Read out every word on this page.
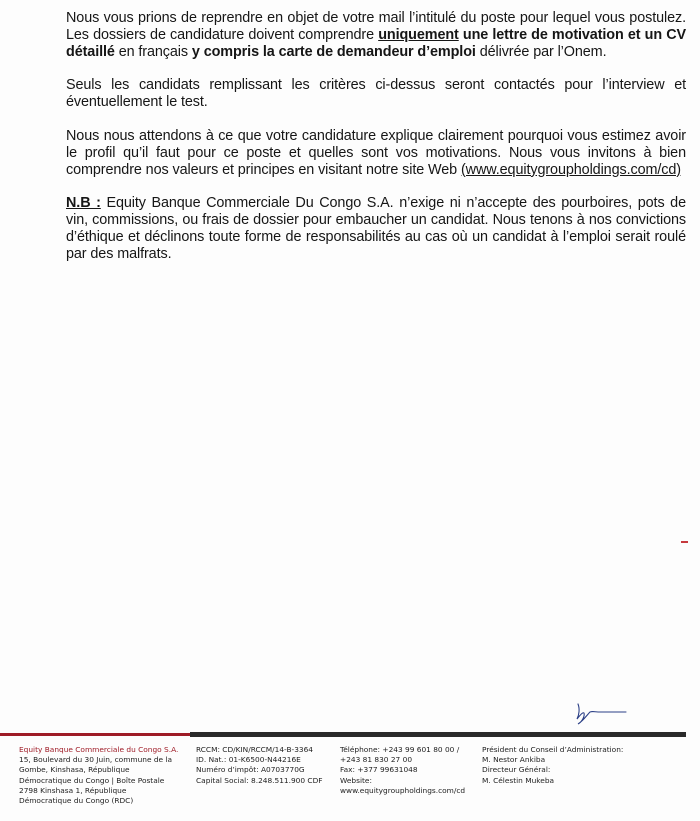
Nous vous prions de reprendre en objet de votre mail l’intitulé du poste pour lequel vous postulez. Les dossiers de candidature doivent comprendre uniquement une lettre de motivation et un CV détaillé en français y compris la carte de demandeur d’emploi délivrée par l’Onem.

Seuls les candidats remplissant les critères ci-dessus seront contactés pour l’interview et éventuellement le test.

Nous nous attendons à ce que votre candidature explique clairement pourquoi vous estimez avoir le profil qu’il faut pour ce poste et quelles sont vos motivations. Nous vous invitons à bien comprendre nos valeurs et principes en visitant notre site Web (www.equitygroupholdings.com/cd)

N.B : Equity Banque Commerciale Du Congo S.A. n’exige ni n’accepte des pourboires, pots de vin, commissions, ou frais de dossier pour embaucher un candidat. Nous tenons à nos convictions d’éthique et déclinons toute forme de responsabilités au cas où un candidat à l’emploi serait roulé par des malfrats.

Equity Banque Commerciale du Congo S.A.
15, Boulevard du 30 Juin, commune de la
Gombe, Kinshasa, République
Démocratique du Congo | Boîte Postale
2798 Kinshasa 1, République
Démocratique du Congo (RDC)
RCCM: CD/KIN/RCCM/14-B-3364
ID. Nat.: 01-K6500-N44216E
Numéro d’impôt: A0703770G
Capital Social: 8.248.511.900 CDF
Téléphone: +243 99 601 80 00 /
+243 81 830 27 00
Fax: +377 99631048
Website:
www.equitygroupholdings.com/cd
Président du Conseil d’Administration:
M. Nestor Ankiba
Directeur Général:
M. Célestin Mukeba
